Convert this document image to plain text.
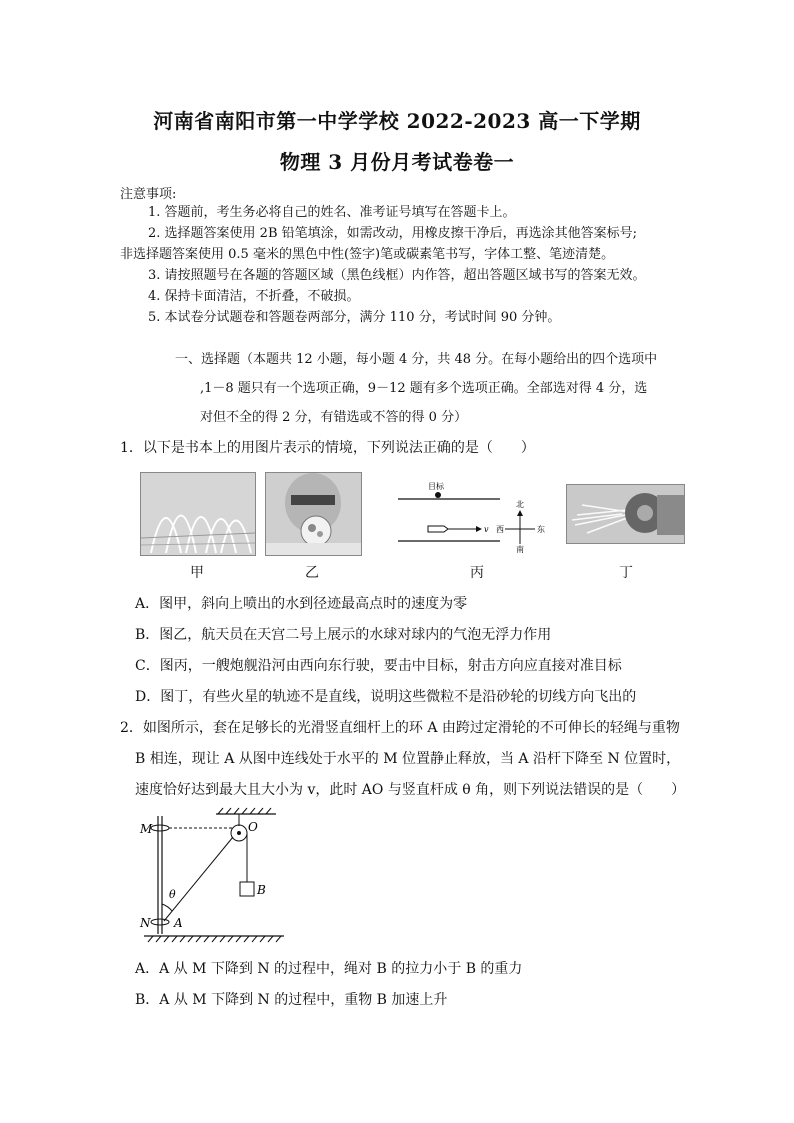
河南省南阳市第一中学学校 2022-2023 高一下学期
物理 3 月份月考试卷卷一
注意事项:
1. 答题前，考生务必将自己的姓名、准考证号填写在答题卡上。
2. 选择题答案使用 2B 铅笔填涂，如需改动，用橡皮擦干净后，再选涂其他答案标号;
非选择题答案使用 0.5 毫米的黑色中性(签字)笔或碳素笔书写，字体工整、笔迹清楚。
3. 请按照题号在各题的答题区域（黑色线框）内作答，超出答题区域书写的答案无效。
4. 保持卡面清洁，不折叠，不破损。
5. 本试卷分试题卷和答题卷两部分，满分 110 分，考试时间 90 分钟。
一、选择题（本题共 12 小题，每小题 4 分，共 48 分。在每小题给出的四个选项中
,1－8 题只有一个选项正确，9－12 题有多个选项正确。全部选对得 4 分，选
对但不全的得 2 分，有错选或不答的得 0 分）
1．以下是书本上的用图片表示的情境，下列说法正确的是（　　）
甲	乙
目标
v
北
南
东
西
丙	丁
A．图甲，斜向上喷出的水到径迹最高点时的速度为零
B．图乙，航天员在天宫二号上展示的水球对球内的气泡无浮力作用
C．图丙，一艘炮舰沿河由西向东行驶，要击中目标，射击方向应直接对准目标
D．图丁，有些火星的轨迹不是直线，说明这些微粒不是沿砂轮的切线方向飞出的
2．如图所示，套在足够长的光滑竖直细杆上的环 A 由跨过定滑轮的不可伸长的轻绳与重物
B 相连，现让 A 从图中连线处于水平的 M 位置静止释放，当 A 沿杆下降至 N 位置时，
速度恰好达到最大且大小为 v，此时 AO 与竖直杆成 θ 角，则下列说法错误的是（　　）
O
M
B
θ
N A
A．A 从 M 下降到 N 的过程中，绳对 B 的拉力小于 B 的重力
B．A 从 M 下降到 N 的过程中，重物 B 加速上升
